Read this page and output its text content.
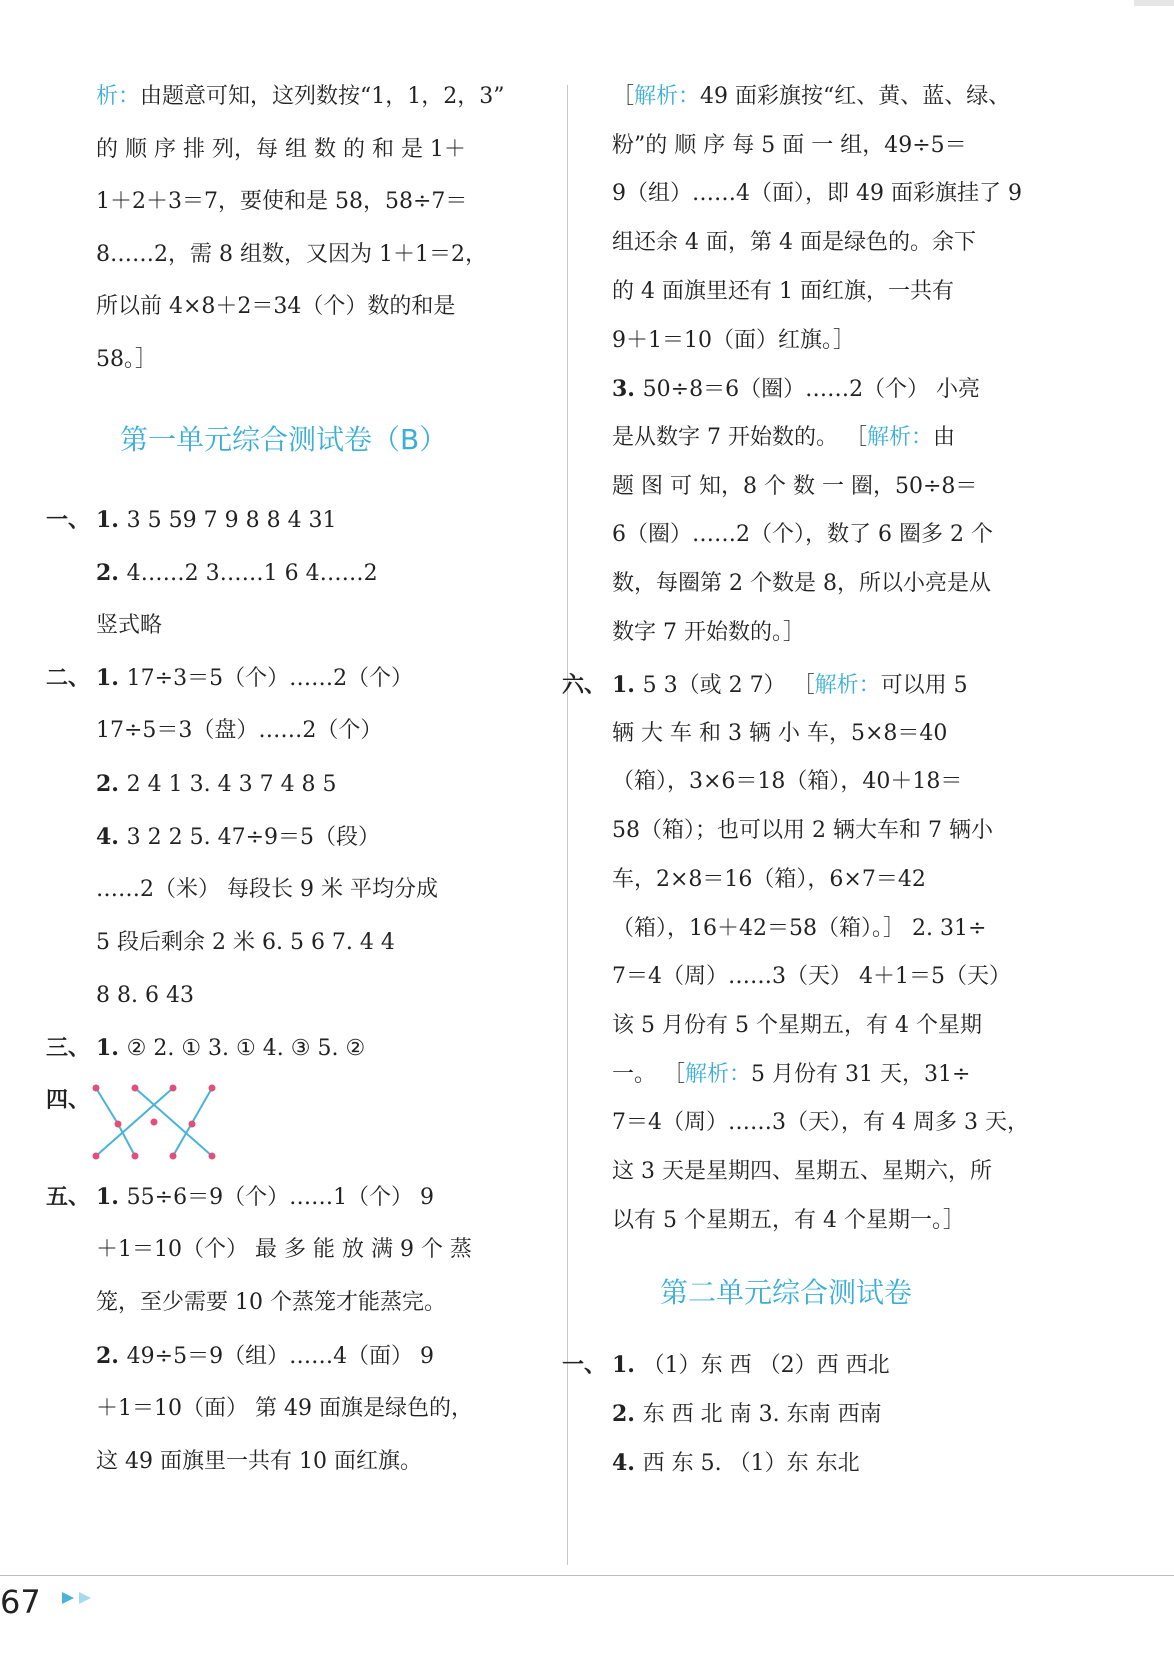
析：由题意可知，这列数按“1，1，2，3”
的 顺 序 排 列，每 组 数 的 和 是 1＋
1＋2＋3＝7，要使和是 58，58÷7＝
8……2，需 8 组数，又因为 1＋1＝2，
所以前 4×8＋2＝34（个）数的和是
58。］
第一单元综合测试卷（B）
一、 1. 3 5 59 7 9 8 8 4 31
2. 4……2 3……1 6 4……2
竖式略
二、 1. 17÷3＝5（个）……2（个）
17÷5＝3（盘）……2（个）
2. 2 4 1 3. 4 3 7 4 8 5
4. 3 2 2 5. 47÷9＝5（段）
……2（米） 每段长 9 米 平均分成
5 段后剩余 2 米 6. 5 6 7. 4 4
8 8. 6 43
三、 1. ② 2. ① 3. ① 4. ③ 5. ②
四、
五、 1. 55÷6＝9（个）……1（个） 9
＋1＝10（个） 最 多 能 放 满 9 个 蒸
笼，至少需要 10 个蒸笼才能蒸完。
2. 49÷5＝9（组）……4（面） 9
＋1＝10（面） 第 49 面旗是绿色的，
这 49 面旗里一共有 10 面红旗。
［解析：49 面彩旗按“红、黄、蓝、绿、
粉”的 顺 序 每 5 面 一 组，49÷5＝
9（组）……4（面），即 49 面彩旗挂了 9
组还余 4 面，第 4 面是绿色的。余下
的 4 面旗里还有 1 面红旗，一共有
9＋1＝10（面）红旗。］
3. 50÷8＝6（圈）……2（个） 小亮
是从数字 7 开始数的。 ［解析：由
题 图 可 知，8 个 数 一 圈，50÷8＝
6（圈）……2（个），数了 6 圈多 2 个
数，每圈第 2 个数是 8，所以小亮是从
数字 7 开始数的。］
六、 1. 5 3（或 2 7） ［解析：可以用 5
辆 大 车 和 3 辆 小 车，5×8＝40
（箱），3×6＝18（箱），40＋18＝
58（箱）；也可以用 2 辆大车和 7 辆小
车，2×8＝16（箱），6×7＝42
（箱），16＋42＝58（箱）。］ 2. 31÷
7＝4（周）……3（天） 4＋1＝5（天）
该 5 月份有 5 个星期五，有 4 个星期
一。 ［解析：5 月份有 31 天，31÷
7＝4（周）……3（天），有 4 周多 3 天，
这 3 天是星期四、星期五、星期六，所
以有 5 个星期五，有 4 个星期一。］
第二单元综合测试卷
一、 1. （1）东 西 （2）西 西北
2. 东 西 北 南 3. 东南 西南
4. 西 东 5. （1）东 东北
67
